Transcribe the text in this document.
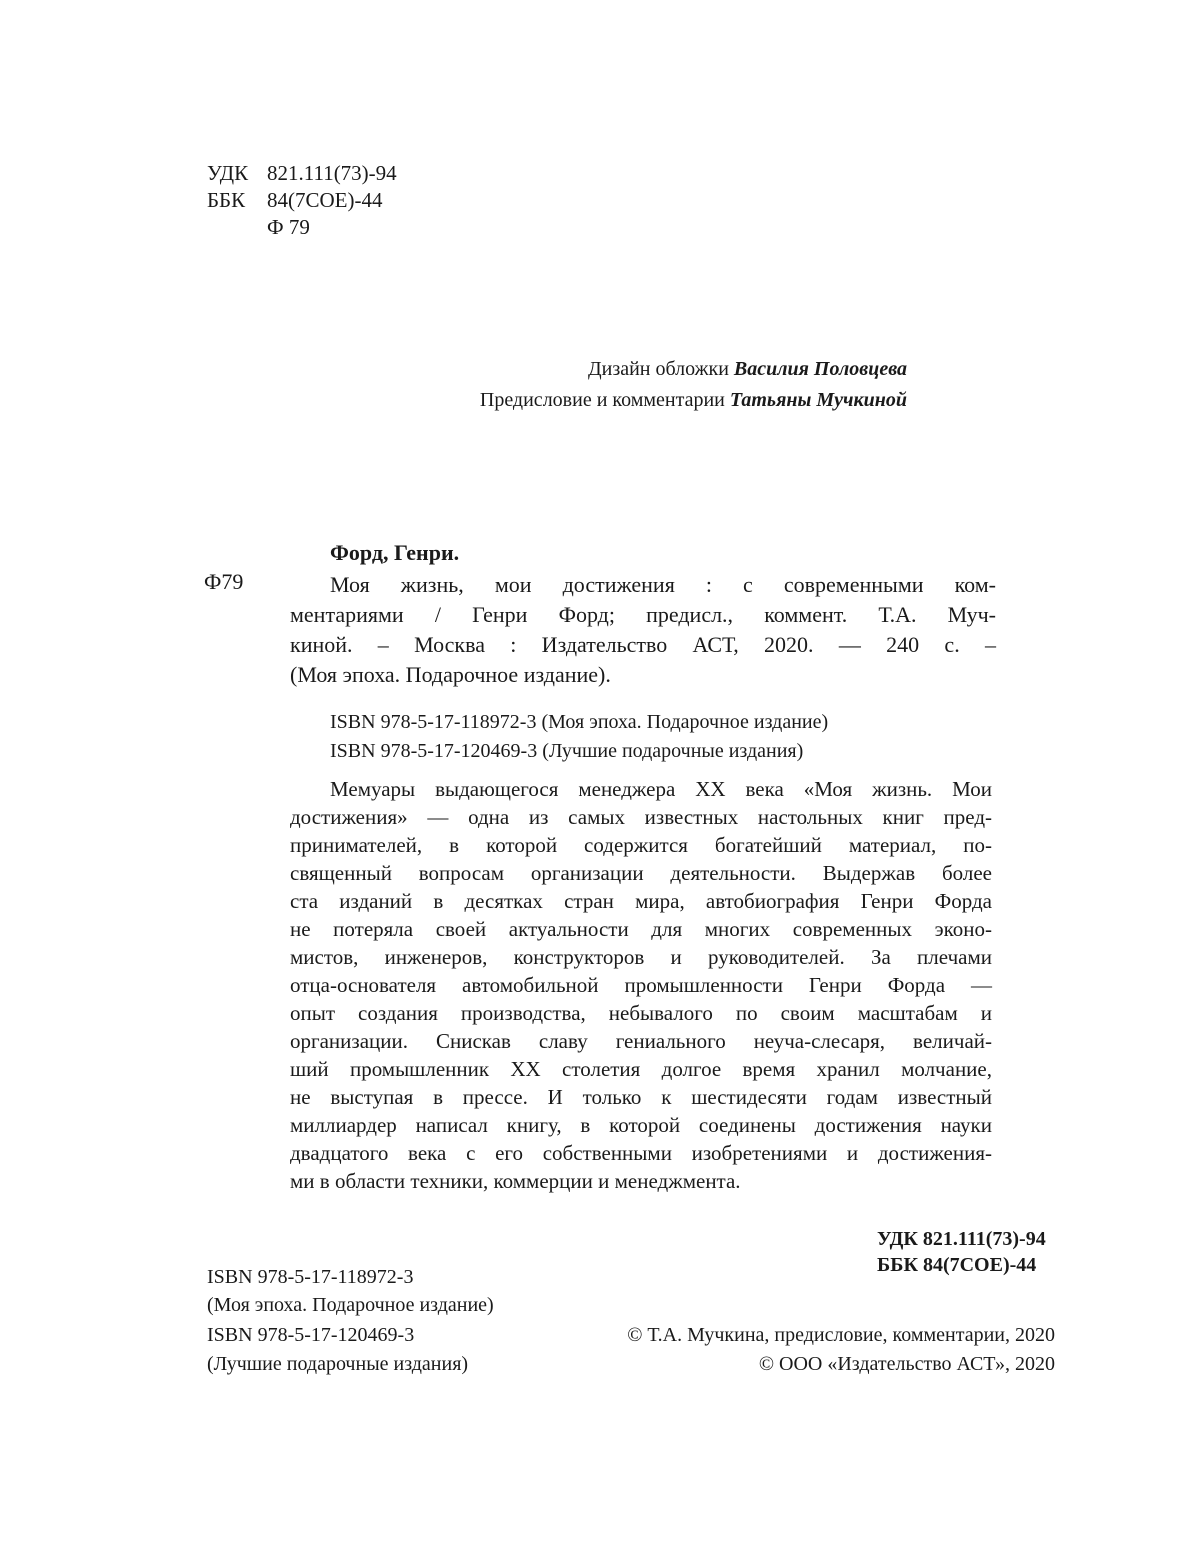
УДК 821.111(73)-94
ББК 84(7СОЕ)-44
Ф 79
Дизайн обложки Василия Половцева
Предисловие и комментарии Татьяны Мучкиной
Форд, Генри.
Ф79	Моя жизнь, мои достижения : с современными ком-
ментариями / Генри Форд; предисл., коммент. Т.А. Муч-
киной. – Москва : Издательство АСТ, 2020. — 240 с. –
(Моя эпоха. Подарочное издание).
ISBN 978-5-17-118972-3 (Моя эпоха. Подарочное издание)
ISBN 978-5-17-120469-3 (Лучшие подарочные издания)
Мемуары выдающегося менеджера XX века «Моя жизнь. Мои
достижения» — одна из самых известных настольных книг пред-
принимателей, в которой содержится богатейший материал, по-
священный вопросам организации деятельности. Выдержав более
ста изданий в десятках стран мира, автобиография Генри Форда
не потеряла своей актуальности для многих современных эконо-
мистов, инженеров, конструкторов и руководителей. За плечами
отца-основателя автомобильной промышленности Генри Форда —
опыт создания производства, небывалого по своим масштабам и
организации. Снискав славу гениального неуча-слесаря, величай-
ший промышленник XX столетия долгое время хранил молчание,
не выступая в прессе. И только к шестидесяти годам известный
миллиардер написал книгу, в которой соединены достижения науки
двадцатого века с его собственными изобретениями и достижения-
ми в области техники, коммерции и менеджмента.
УДК 821.111(73)-94
ББК 84(7СОЕ)-44
ISBN 978-5-17-118972-3
(Моя эпоха. Подарочное издание)
ISBN 978-5-17-120469-3
(Лучшие подарочные издания)
© Т.А. Мучкина, предисловие, комментарии, 2020
© ООО «Издательство АСТ», 2020
